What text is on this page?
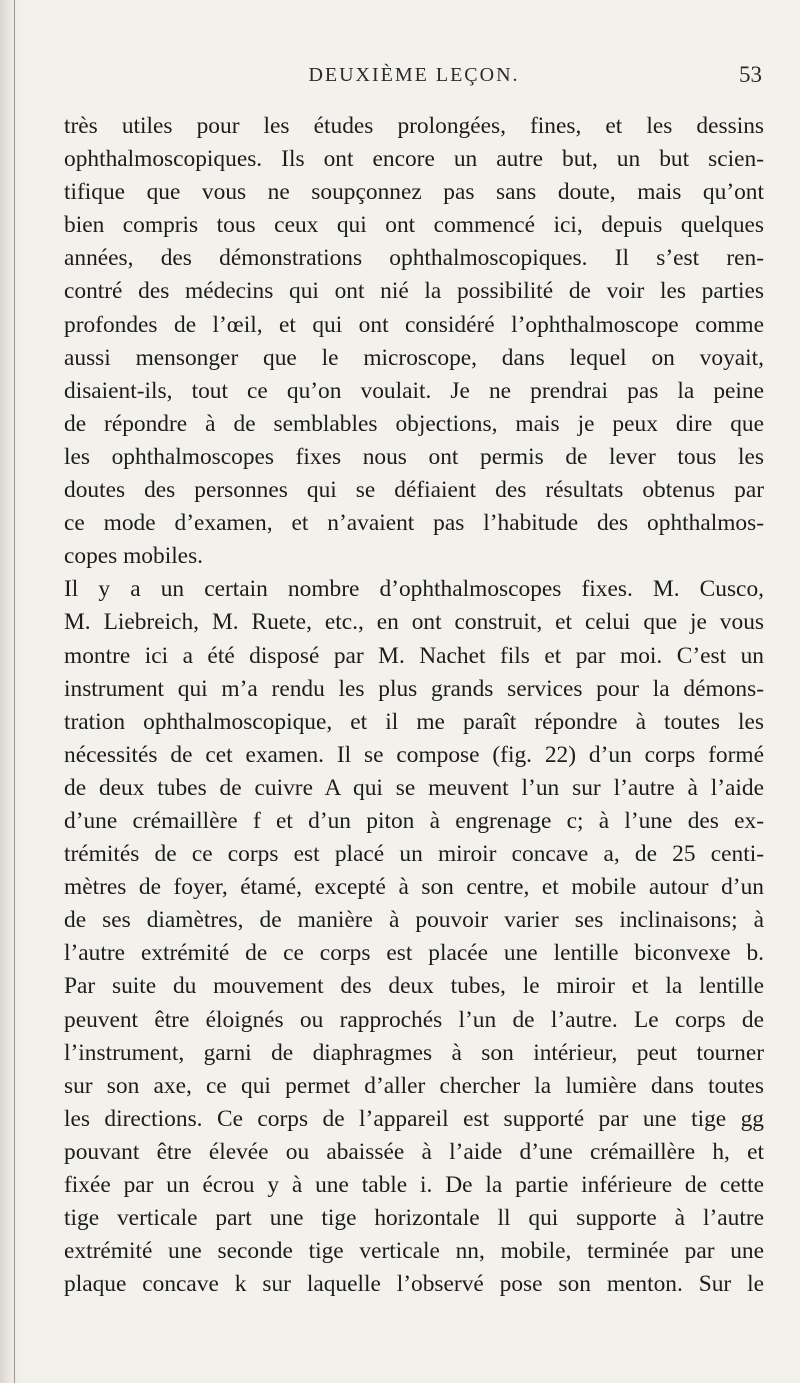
DEUXIÈME LEÇON.	53
très utiles pour les études prolongées, fines, et les dessins
ophthalmoscopiques. Ils ont encore un autre but, un but scien-
tifique que vous ne soupçonnez pas sans doute, mais qu’ont
bien compris tous ceux qui ont commencé ici, depuis quelques
années, des démonstrations ophthalmoscopiques. Il s’est ren-
contré des médecins qui ont nié la possibilité de voir les parties
profondes de l’œil, et qui ont considéré l’ophthalmoscope comme
aussi mensonger que le microscope, dans lequel on voyait,
disaient-ils, tout ce qu’on voulait. Je ne prendrai pas la peine
de répondre à de semblables objections, mais je peux dire que
les ophthalmoscopes fixes nous ont permis de lever tous les
doutes des personnes qui se défiaient des résultats obtenus par
ce mode d’examen, et n’avaient pas l’habitude des ophthalmos-
copes mobiles.
Il y a un certain nombre d’ophthalmoscopes fixes. M. Cusco,
M. Liebreich, M. Ruete, etc., en ont construit, et celui que je vous
montre ici a été disposé par M. Nachet fils et par moi. C’est un
instrument qui m’a rendu les plus grands services pour la démons-
tration ophthalmoscopique, et il me paraît répondre à toutes les
nécessités de cet examen. Il se compose (fig. 22) d’un corps formé
de deux tubes de cuivre A qui se meuvent l’un sur l’autre à l’aide
d’une crémaillère f et d’un piton à engrenage c; à l’une des ex-
trémités de ce corps est placé un miroir concave a, de 25 centi-
mètres de foyer, étamé, excepté à son centre, et mobile autour d’un
de ses diamètres, de manière à pouvoir varier ses inclinaisons; à
l’autre extrémité de ce corps est placée une lentille biconvexe b.
Par suite du mouvement des deux tubes, le miroir et la lentille
peuvent être éloignés ou rapprochés l’un de l’autre. Le corps de
l’instrument, garni de diaphragmes à son intérieur, peut tourner
sur son axe, ce qui permet d’aller chercher la lumière dans toutes
les directions. Ce corps de l’appareil est supporté par une tige gg
pouvant être élevée ou abaissée à l’aide d’une crémaillère h, et
fixée par un écrou y à une table i. De la partie inférieure de cette
tige verticale part une tige horizontale ll qui supporte à l’autre
extrémité une seconde tige verticale nn, mobile, terminée par une
plaque concave k sur laquelle l’observé pose son menton. Sur le
